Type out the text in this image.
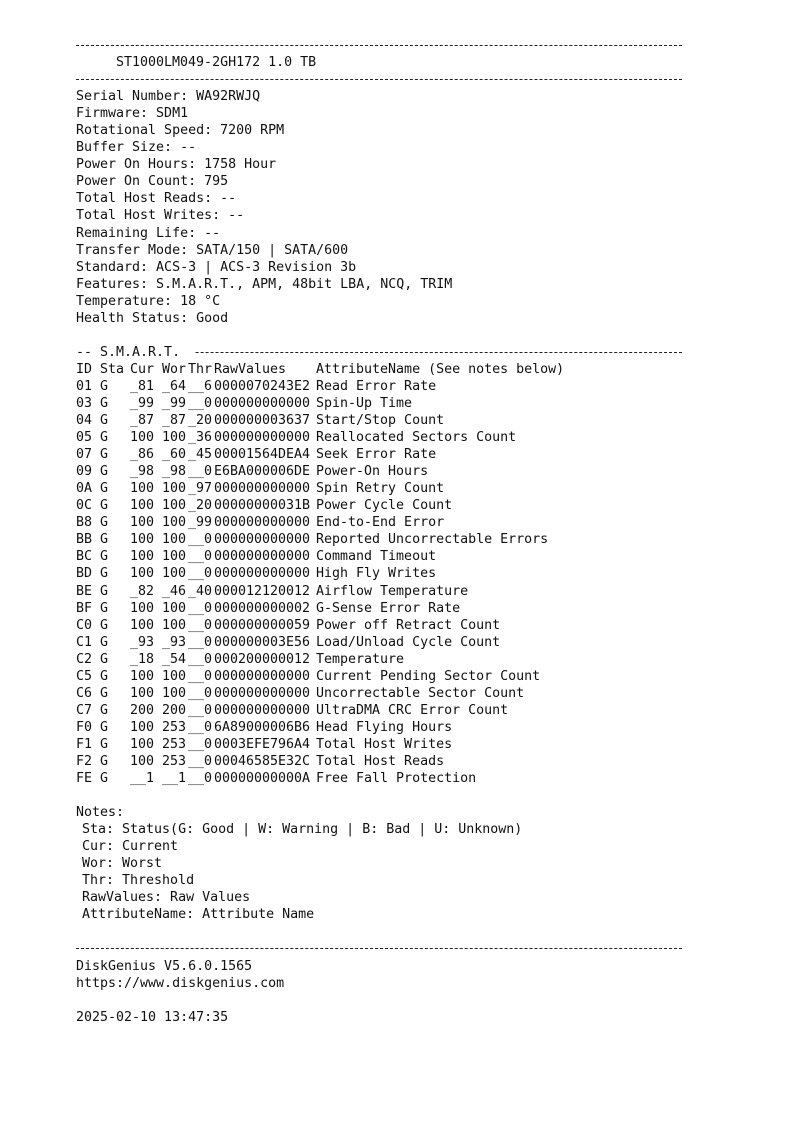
ST1000LM049-2GH172 1.0 TB
Serial Number: WA92RWJQ
Firmware: SDM1
Rotational Speed: 7200 RPM
Buffer Size: --
Power On Hours: 1758 Hour
Power On Count: 795
Total Host Reads: --
Total Host Writes: --
Remaining Life: --
Transfer Mode: SATA/150 | SATA/600
Standard: ACS-3 | ACS-3 Revision 3b
Features: S.M.A.R.T., APM, 48bit LBA, NCQ, TRIM
Temperature: 18 °C
Health Status: Good
-- S.M.A.R.T.
ID Sta Cur Wor Thr RawValues	AttributeName (See notes below)
01 G	_81 _64 __6 0000070243E2 Read Error Rate
03 G	_99 _99 __0 000000000000 Spin-Up Time
04 G	_87 _87 _20 000000003637 Start/Stop Count
05 G	100 100 _36 000000000000 Reallocated Sectors Count
07 G	_86 _60 _45 00001564DEA4 Seek Error Rate
09 G	_98 _98 __0 E6BA000006DE Power-On Hours
0A G	100 100 _97 000000000000 Spin Retry Count
0C G	100 100 _20 00000000031B Power Cycle Count
B8 G	100 100 _99 000000000000 End-to-End Error
BB G	100 100 __0 000000000000 Reported Uncorrectable Errors
BC G	100 100 __0 000000000000 Command Timeout
BD G	100 100 __0 000000000000 High Fly Writes
BE G	_82 _46 _40 000012120012 Airflow Temperature
BF G	100 100 __0 000000000002 G-Sense Error Rate
C0 G	100 100 __0 000000000059 Power off Retract Count
C1 G	_93 _93 __0 000000003E56 Load/Unload Cycle Count
C2 G	_18 _54 __0 000200000012 Temperature
C5 G	100 100 __0 000000000000 Current Pending Sector Count
C6 G	100 100 __0 000000000000 Uncorrectable Sector Count
C7 G	200 200 __0 000000000000 UltraDMA CRC Error Count
F0 G	100 253 __0 6A89000006B6 Head Flying Hours
F1 G	100 253 __0 0003EFE796A4 Total Host Writes
F2 G	100 253 __0 00046585E32C Total Host Reads
FE G	__1 __1 __0 00000000000A Free Fall Protection
Notes:
Sta: Status(G: Good | W: Warning | B: Bad | U: Unknown)
Cur: Current
Wor: Worst
Thr: Threshold
RawValues: Raw Values
AttributeName: Attribute Name
DiskGenius V5.6.0.1565
https://www.diskgenius.com
2025-02-10 13:47:35
